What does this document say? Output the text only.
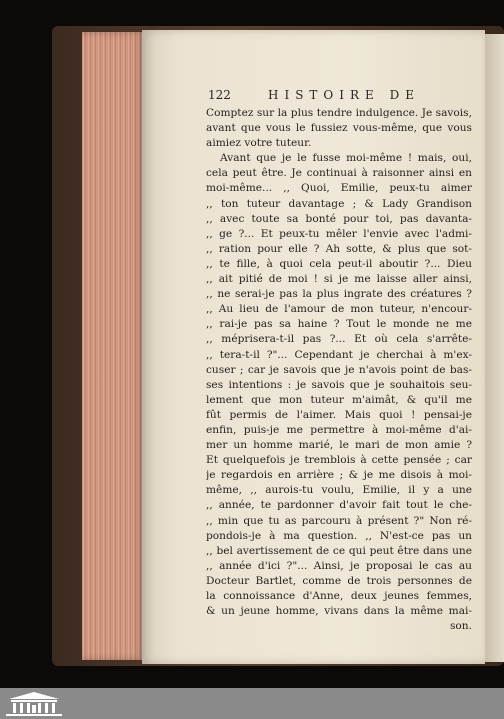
122	HISTOIRE DE
Comptez sur la plus tendre indulgence. Je savois,
avant que vous le fussiez vous-même, que vous
aimiez votre tuteur.
Avant que je le fusse moi-même ! mais, oui,
cela peut être. Je continuai à raisonner ainsi en
moi-même... ,, Quoi, Emilie, peux-tu aimer
,, ton tuteur davantage ; & Lady Grandison
,, avec toute sa bonté pour toi, pas davanta-
,, ge ?... Et peux-tu mêler l'envie avec l'admi-
,, ration pour elle ? Ah sotte, & plus que sot-
,, te fille, à quoi cela peut-il aboutir ?... Dieu
,, ait pitié de moi ! si je me laisse aller ainsi,
,, ne serai-je pas la plus ingrate des créatures ?
,, Au lieu de l'amour de mon tuteur, n'encour-
,, rai-je pas sa haine ? Tout le monde ne me
,, méprisera-t-il pas ?... Et où cela s'arrête-
,, tera-t-il ?"... Cependant je cherchai à m'ex-
cuser ; car je savois que je n'avois point de bas-
ses intentions : je savois que je souhaitois seu-
lement que mon tuteur m'aimât, & qu'il me
fût permis de l'aimer. Mais quoi ! pensai-je
enfin, puis-je me permettre à moi-même d'ai-
mer un homme marié, le mari de mon amie ?
Et quelquefois je tremblois à cette pensée ; car
je regardois en arrière ; & je me disois à moi-
même, ,, aurois-tu voulu, Emilie, il y a une
,, année, te pardonner d'avoir fait tout le che-
,, min que tu as parcouru à présent ?" Non ré-
pondois-je à ma question. ,, N'est-ce pas un
,, bel avertissement de ce qui peut être dans une
,, année d'ici ?"... Ainsi, je proposai le cas au
Docteur Bartlet, comme de trois personnes de
la connoissance d'Anne, deux jeunes femmes,
& un jeune homme, vivans dans la même mai-
son.
